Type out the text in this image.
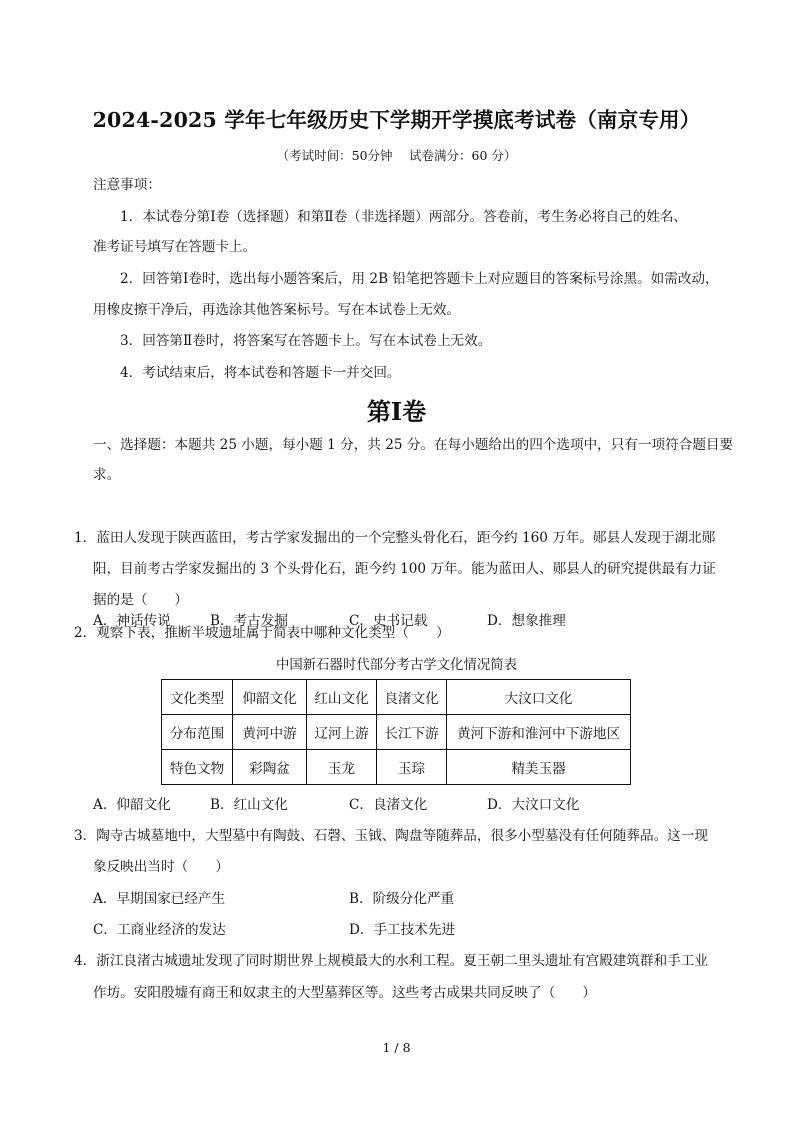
2024-2025 学年七年级历史下学期开学摸底考试卷（南京专用）
（考试时间：50分钟　 试卷满分：60 分）
注意事项：
1．本试卷分第Ⅰ卷（选择题）和第Ⅱ卷（非选择题）两部分。答卷前，考生务必将自己的姓名、
准考证号填写在答题卡上。
2．回答第Ⅰ卷时，选出每小题答案后，用 2B 铅笔把答题卡上对应题目的答案标号涂黑。如需改动，
用橡皮擦干净后，再选涂其他答案标号。写在本试卷上无效。
3．回答第Ⅱ卷时，将答案写在答题卡上。写在本试卷上无效。
4．考试结束后，将本试卷和答题卡一并交回。
第Ⅰ卷
一、选择题：本题共 25 小题，每小题 1 分，共 25 分。在每小题给出的四个选项中，只有一项符合题目要
求。
1．蓝田人发现于陕西蓝田，考古学家发掘出的一个完整头骨化石，距今约 160 万年。郧县人发现于湖北郧
阳，目前考古学家发掘出的 3 个头骨化石，距今约 100 万年。能为蓝田人、郧县人的研究提供最有力证
据的是（　　）
A．神话传说	B．考古发掘	C．史书记载	D．想象推理
2．观察下表，推断半坡遗址属于简表中哪种文化类型（　　）
中国新石器时代部分考古学文化情况简表
文化类型	仰韶文化	红山文化	良渚文化	大汶口文化
分布范围	黄河中游	辽河上游	长江下游	黄河下游和淮河中下游地区
特色文物	彩陶盆	玉龙	玉琮	精美玉器
A．仰韶文化	B．红山文化	C．良渚文化	D．大汶口文化
3．陶寺古城墓地中，大型墓中有陶鼓、石磬、玉钺、陶盘等随葬品，很多小型墓没有任何随葬品。这一现
象反映出当时（　　）
A．早期国家已经产生	B．阶级分化严重
C．工商业经济的发达	D．手工技术先进
4．浙江良渚古城遗址发现了同时期世界上规模最大的水利工程。夏王朝二里头遗址有宫殿建筑群和手工业
作坊。安阳殷墟有商王和奴隶主的大型墓葬区等。这些考古成果共同反映了（　　）
1 / 8
